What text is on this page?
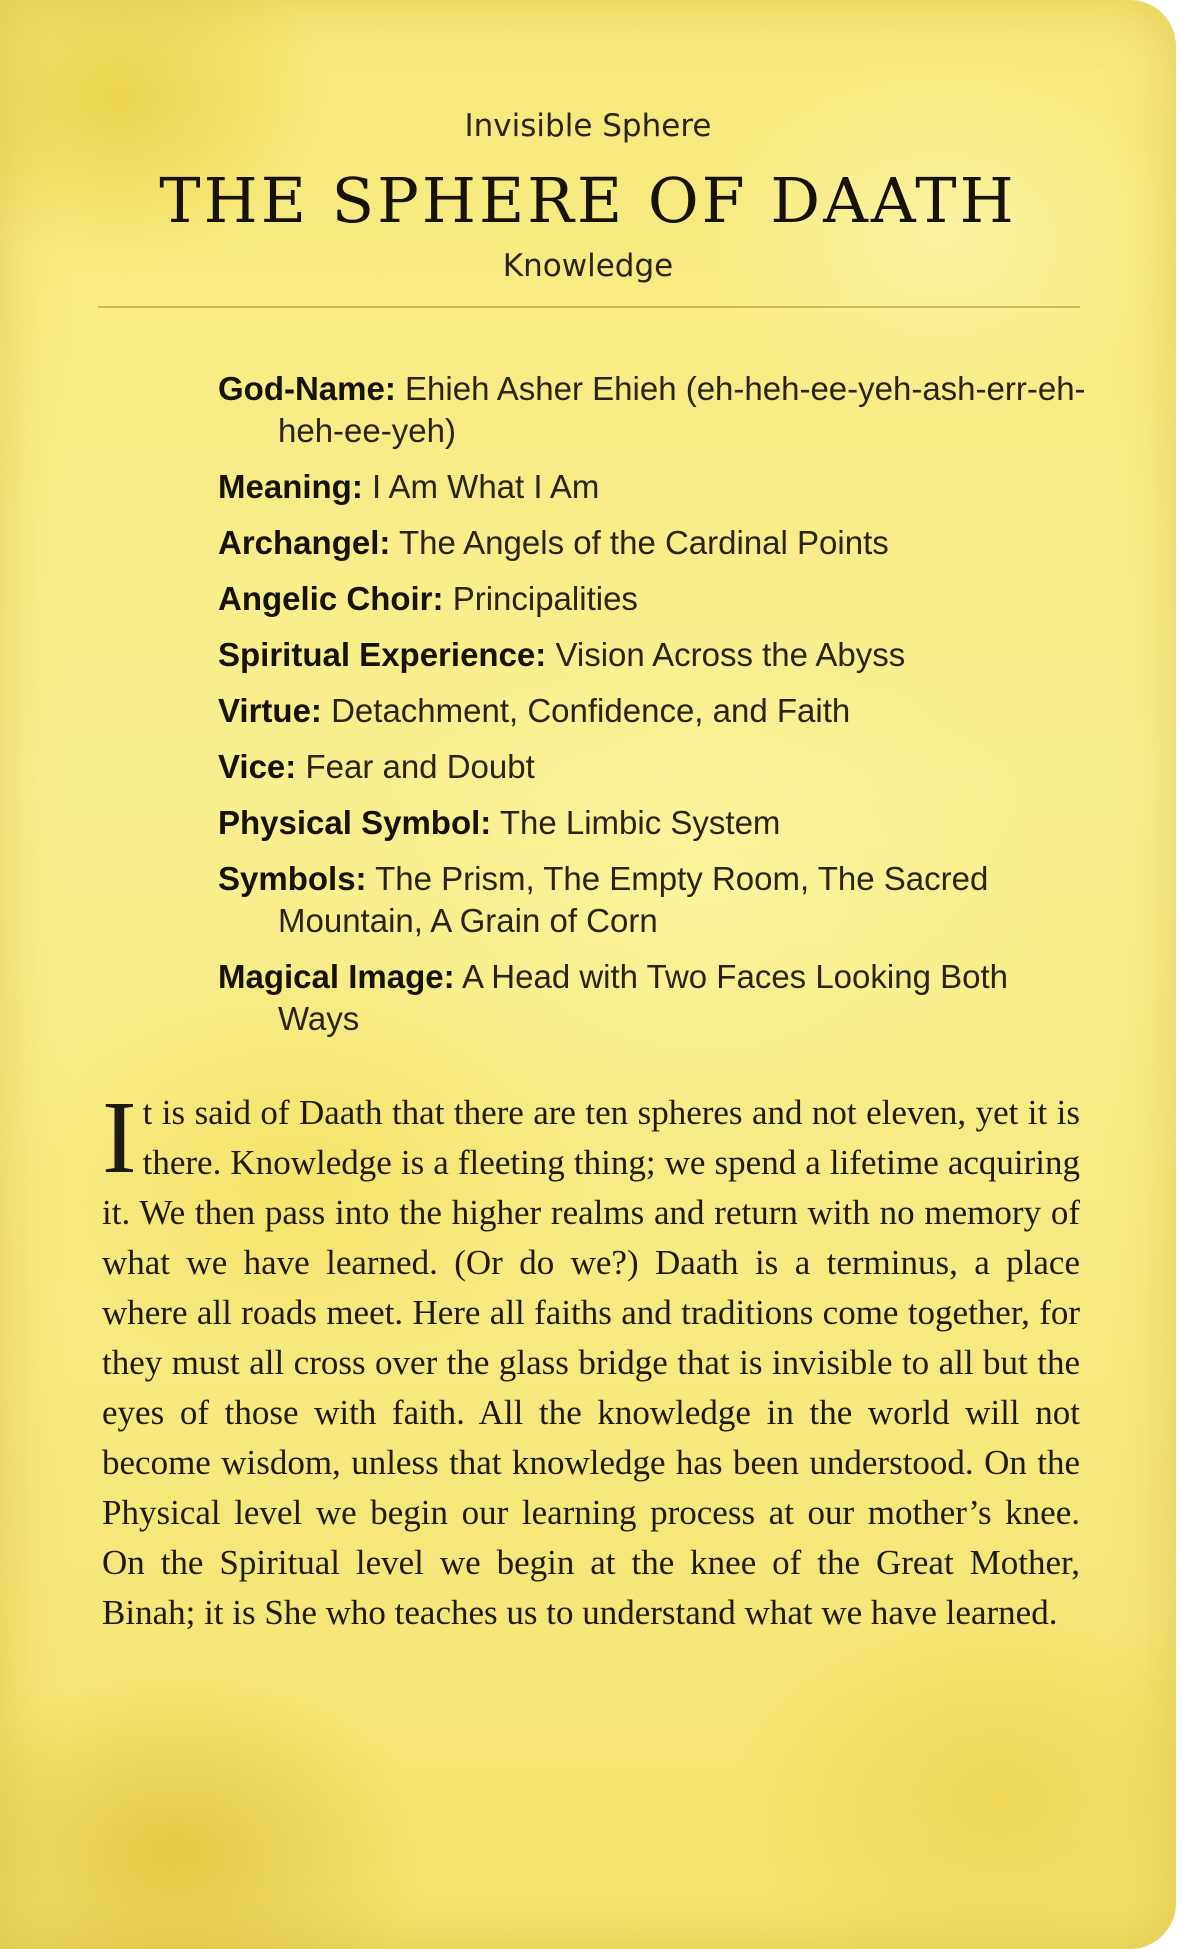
Invisible Sphere
THE SPHERE OF DAATH
Knowledge
God-Name: Ehieh Asher Ehieh (eh-heh-ee-yeh-ash-err-eh-heh-ee-yeh)
Meaning: I Am What I Am
Archangel: The Angels of the Cardinal Points
Angelic Choir: Principalities
Spiritual Experience: Vision Across the Abyss
Virtue: Detachment, Confidence, and Faith
Vice: Fear and Doubt
Physical Symbol: The Limbic System
Symbols: The Prism, The Empty Room, The Sacred Mountain, A Grain of Corn
Magical Image: A Head with Two Faces Looking Both Ways
It is said of Daath that there are ten spheres and not eleven, yet it is there. Knowledge is a fleeting thing; we spend a lifetime acquiring it. We then pass into the higher realms and return with no memory of what we have learned. (Or do we?) Daath is a terminus, a place where all roads meet. Here all faiths and traditions come together, for they must all cross over the glass bridge that is invisible to all but the eyes of those with faith. All the knowledge in the world will not become wisdom, unless that knowledge has been understood. On the Physical level we begin our learning process at our mother’s knee. On the Spiritual level we begin at the knee of the Great Mother, Binah; it is She who teaches us to understand what we have learned.
